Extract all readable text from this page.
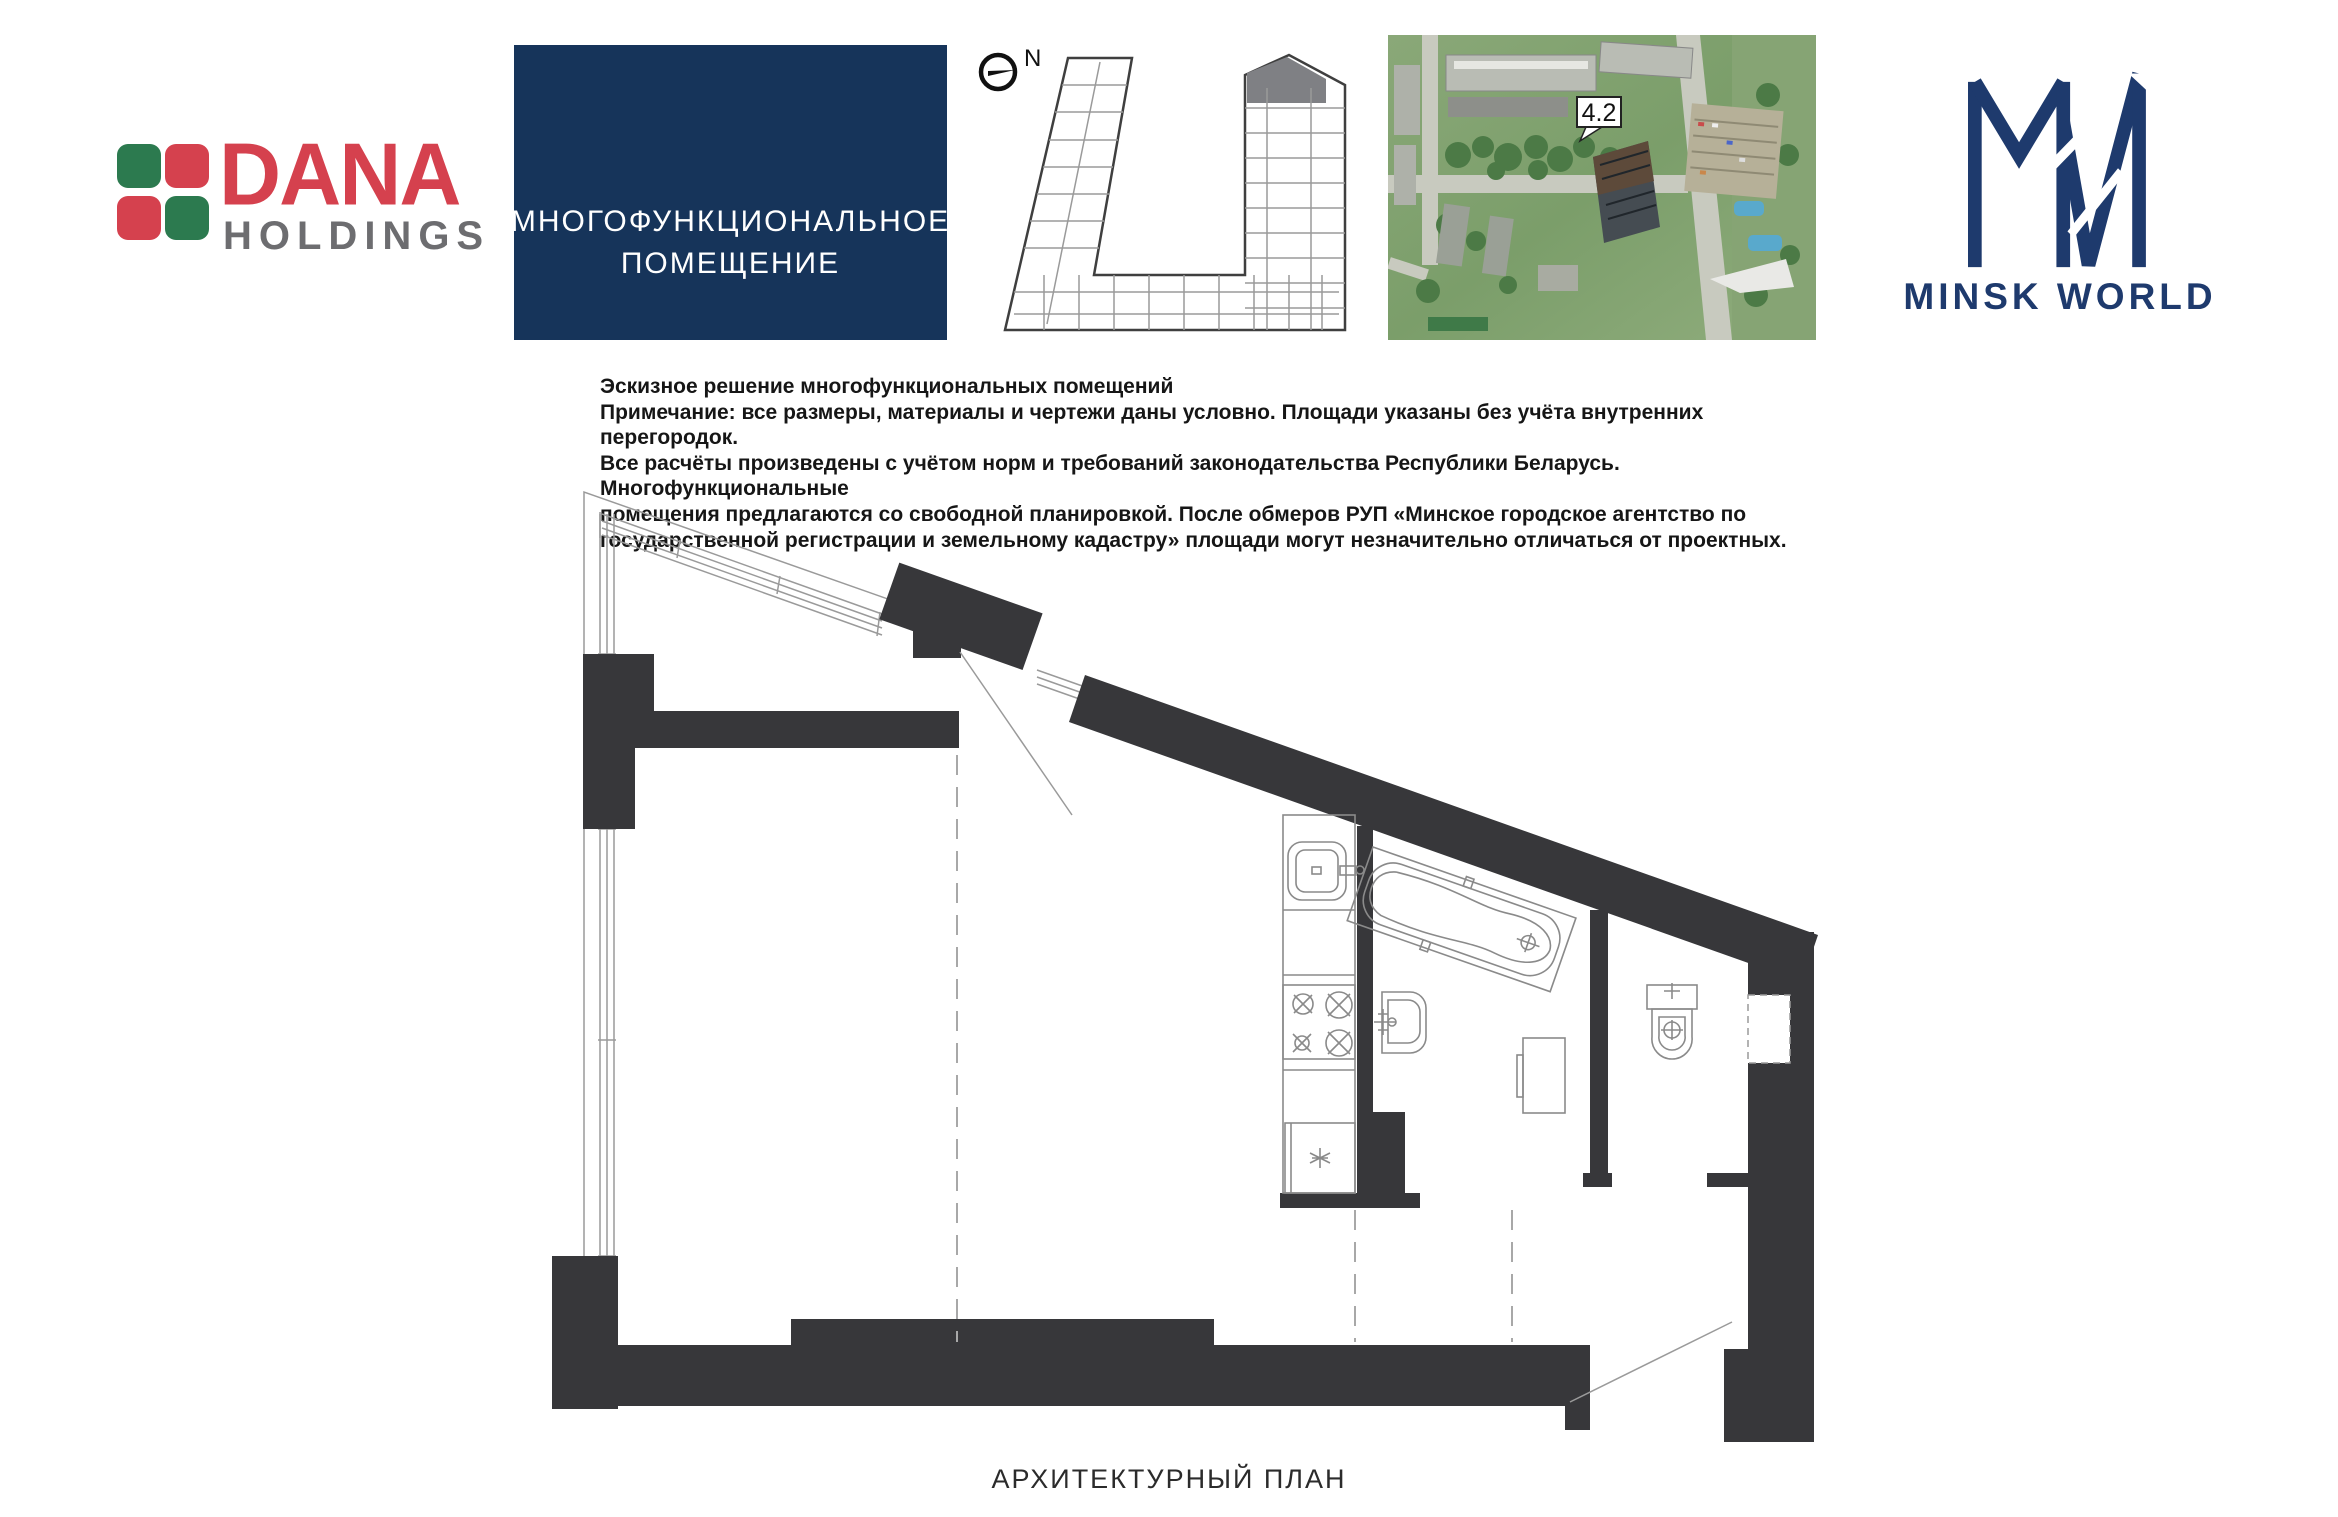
DANA
HOLDINGS МНОГОФУНКЦИОНАЛЬНОЕ
ПОМЕЩЕНИЕ
N
4.2
MINSK WORLD
Эскизное решение многофункциональных помещений
Примечание: все размеры, материалы и чертежи даны условно. Площади указаны без учёта внутренних перегородок.
Все расчёты произведены с учётом норм и требований законодательства Республики Беларусь. Многофункциональные
помещения предлагаются со свободной планировкой. После обмеров РУП «Минское городское агентство по
государственной регистрации и земельному кадастру» площади могут незначительно отличаться от проектных.
АРХИТЕКТУРНЫЙ ПЛАН
